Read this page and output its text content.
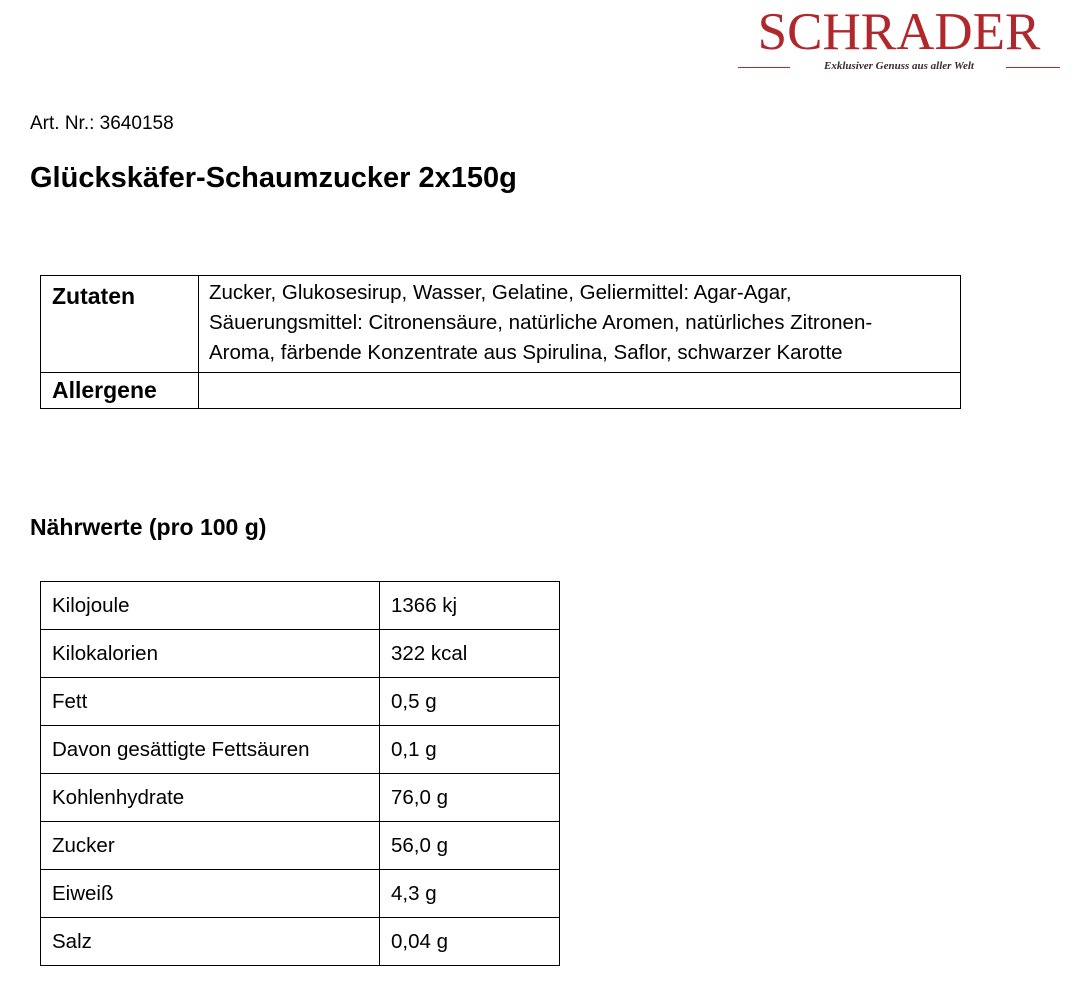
SCHRADER
Exklusiver Genuss aus aller Welt
Art. Nr.: 3640158
Glückskäfer-Schaumzucker 2x150g
Zutaten	Zucker, Glukosesirup, Wasser, Gelatine, Geliermittel: Agar-Agar,
Säuerungsmittel: Citronensäure, natürliche Aromen, natürliches Zitronen-
Aroma, färbende Konzentrate aus Spirulina, Saflor, schwarzer Karotte

Allergene	
Nährwerte (pro 100 g)
Kilojoule	1366 kj
Kilokalorien	322 kcal
Fett	0,5 g
Davon gesättigte Fettsäuren	0,1 g
Kohlenhydrate	76,0 g
Zucker	56,0 g
Eiweiß	4,3 g
Salz	0,04 g
